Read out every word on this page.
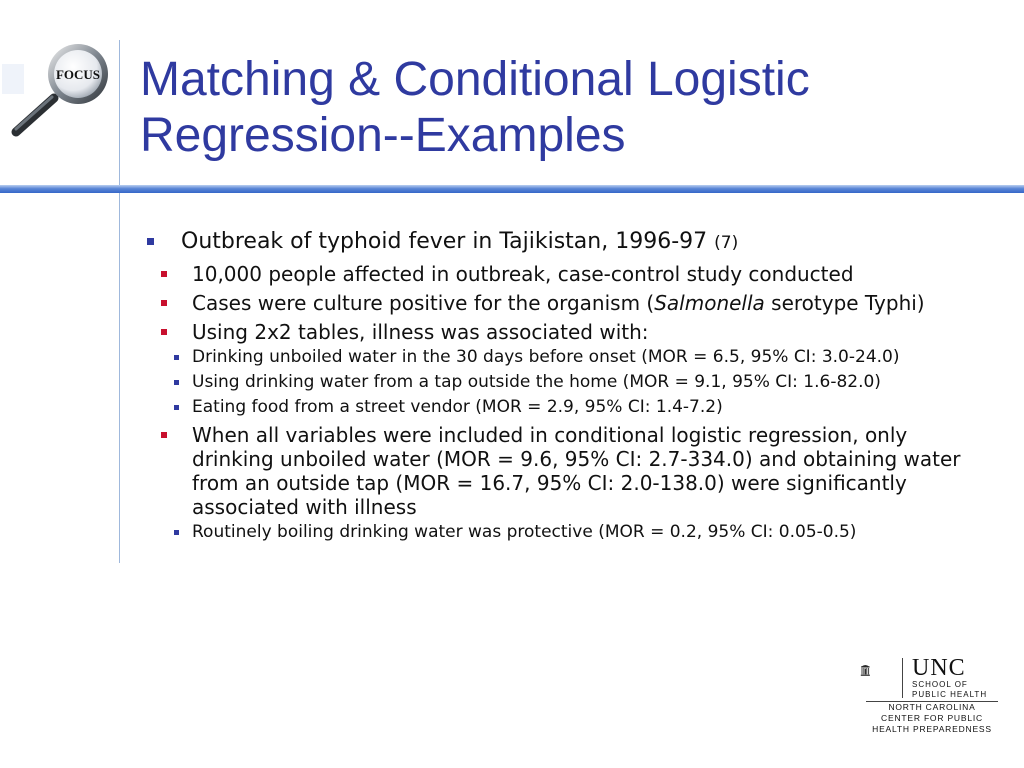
FOCUS Matching & Conditional Logistic Regression--Examples
Outbreak of typhoid fever in Tajikistan, 1996-97 (7)
10,000 people affected in outbreak, case-control study conducted
Cases were culture positive for the organism (Salmonella serotype Typhi)
Using 2x2 tables, illness was associated with:
Drinking unboiled water in the 30 days before onset (MOR = 6.5, 95% CI: 3.0-24.0)
Using drinking water from a tap outside the home (MOR = 9.1, 95% CI: 1.6-82.0)
Eating food from a street vendor (MOR = 2.9, 95% CI: 1.4-7.2)
When all variables were included in conditional logistic regression, only drinking unboiled water (MOR = 9.6, 95% CI: 2.7-334.0) and obtaining water from an outside tap (MOR = 16.7, 95% CI: 2.0-138.0) were significantly associated with illness
Routinely boiling drinking water was protective (MOR = 0.2, 95% CI: 0.05-0.5)
UNC
SCHOOL OF
PUBLIC HEALTH
NORTH CAROLINA
CENTER FOR PUBLIC
HEALTH PREPAREDNESS
